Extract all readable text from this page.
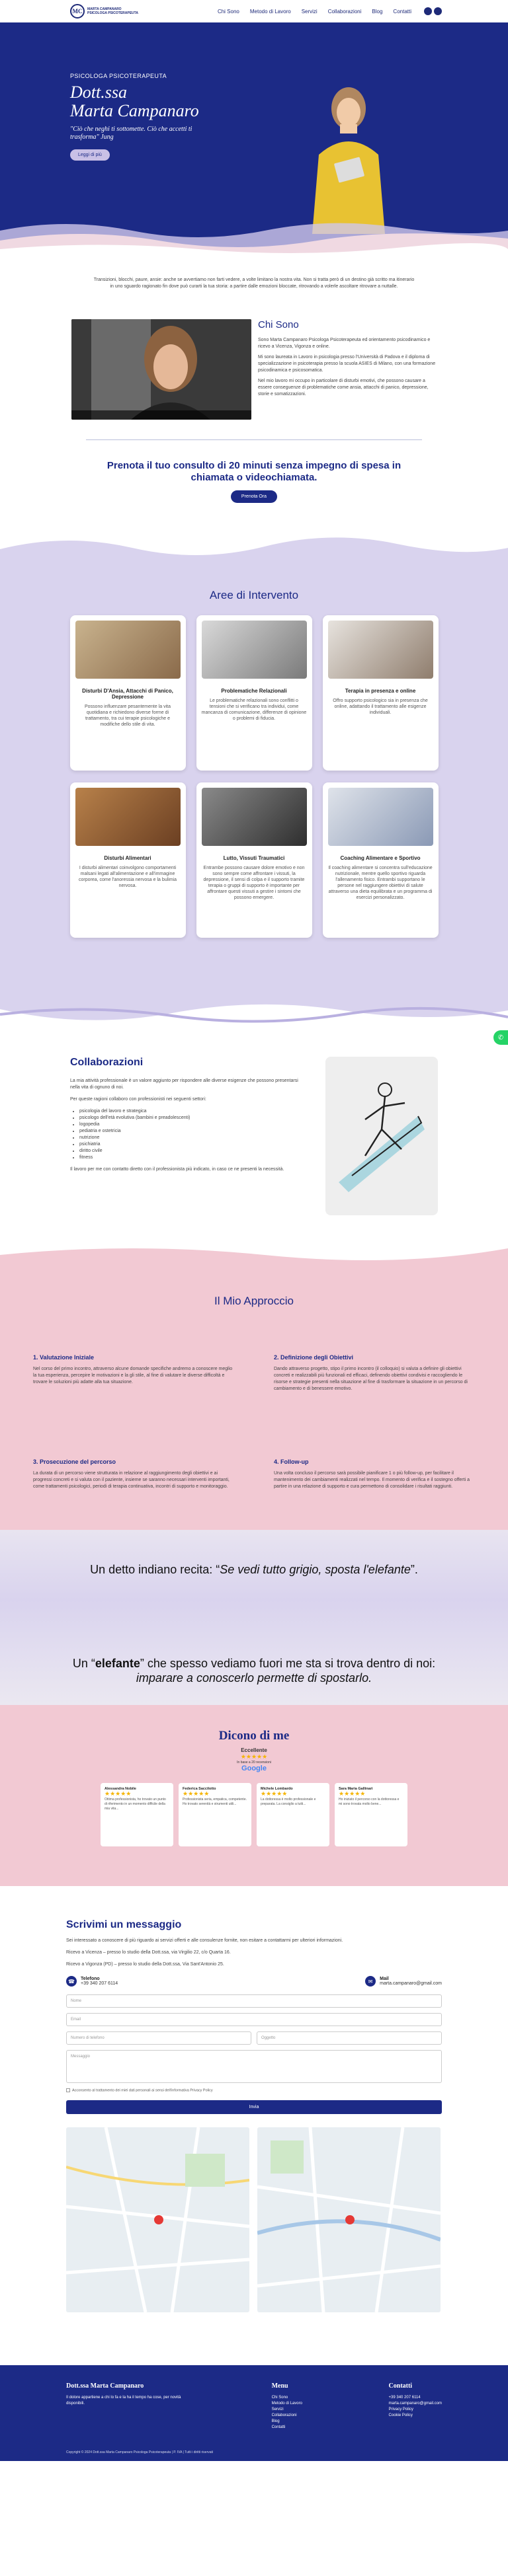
MC	MARTA CAMPANARO
PSICOLOGA PSICOTERAPEUTA	Chi Sono Metodo di Lavoro Servizi Collaborazioni Blog Contatti	f ◎
PSICOLOGA PSICOTERAPEUTA
Dott.ssa
Marta Campanaro
"Ciò che neghi ti sottomette. Ciò che accetti ti trasforma" Jung
Leggi di più
Transizioni, blocchi, paure, ansie: anche se avvertiamo non farti vedere, a volte limitano la nostra vita. Non si tratta però di un destino già scritto ma itinerario in uno sguardo ragionato fin dove può curarti la tua storia: a partire dalle emozioni bloccate, ritrovando a volerle ascoltare ritrovare a nuttalle.
Chi Sono
Sono Marta Campanaro Psicologa Psicoterapeuta ed orientamento psicodinamico e ricevo a Vicenza, Vigonza e online.
Mi sono laureata in Lavoro in psicologia presso l'Università di Padova e il diploma di specializzazione in psicoterapia presso la scuola ASIES di Milano, con una formazione psicodinamica e psicosomatica.
Nel mio lavoro mi occupo in particolare di disturbi emotivi, che possono causare a essere conseguenze di problematiche come ansia, attacchi di panico, depressione, storie e somatizzazioni.
Prenota il tuo consulto di 20 minuti senza impegno di spesa in
chiamata o videochiamata.
Prenota Ora
Aree di Intervento
Disturbi D'Ansia, Attacchi di Panico, Depressione

Possono influenzare pesantemente la vita quotidiana e richiedono diverse forme di trattamento, tra cui terapie psicologiche e modifiche dello stile di vita.

Problematiche Relazionali

Le problematiche relazionali sono conflitti o tensioni che si verificano tra individui, come mancanza di comunicazione, differenze di opinione o problemi di fiducia.

Terapia in presenza e online

Offro supporto psicologico sia in presenza che online, adattando il trattamento alle esigenze individuali.

Disturbi Alimentari

I disturbi alimentari coinvolgono comportamenti malsani legati all'alimentazione e all'immagine corporea, come l'anoressia nervosa e la bulimia nervosa.

Lutto, Vissuti Traumatici

Entrambe possono causare dolore emotivo e non sono sempre come affrontare i vissuti, la depressione, il sensi di colpa e il supporto tramite terapia o gruppi di supporto è importante per affrontare questi vissuti a gestire i sintomi che possono emergere.

Coaching Alimentare e Sportivo

Il coaching alimentare si concentra sull'educazione nutrizionale, mentre quello sportivo riguarda l'allenamento fisico. Entrambi supportano le persone nel raggiungere obiettivi di salute attraverso una dieta equilibrata e un programma di esercizi personalizzato.

Collaborazioni

La mia attività professionale è un valore aggiunto per rispondere alle diverse esigenze che possono presentarsi nella vita di ognuno di noi.

Per queste ragioni collaboro con professionisti nei seguenti settori:

• psicologia del lavoro e strategica
• psicologo dell'età evolutiva (bambini e preadolescenti)
• logopedia
• pediatria e ostetricia
• nutrizione
• psichiatria
• diritto civile
• fitness

Il lavoro per me con contatto diretto con il professionista più indicato, in caso ce ne presenti la necessità.

✆
Il Mio Approccio
1. Valutazione Iniziale

Nel corso del primo incontro, attraverso alcune domande specifiche andremo a conoscere meglio la tua esperienza, percepire le motivazioni e la gli stile, al fine di valutare le diverse difficoltà e trovare le soluzioni più adatte alla tua situazione.

2. Definizione degli Obiettivi

Dando attraverso progetto, stipo il primo incontro (il colloquio) si valuta a definire gli obiettivi concreti e realizzabili più funzionali ed efficaci, definendo obiettivi condivisi e raccogliendo le risorse e strategie presenti nella situazione al fine di trasformare la situazione in un percorso di cambiamento e di benessere emotivo.

3. Prosecuzione del percorso

La durata di un percorso viene strutturata in relazione al raggiungimento degli obiettivi e ai progressi concreti e si valuta con il paziente, insieme se saranno necessari interventi importanti, come trattamenti psicologici, periodi di terapia continuativa, incontri di supporto e monitoraggio.

4. Follow-up

Una volta concluso il percorso sarà possibile pianificare 1 o più follow-up, per facilitare il mantenimento dei cambiamenti realizzati nel tempo. Il momento di verifica e il sostegno offerti a partire in una relazione di supporto e cura permettono di consolidare i risultati raggiunti.

Un detto indiano recita: “Se vedi tutto grigio, sposta l'elefante”.
Un “elefante” che spesso vediamo fuori me sta si trova dentro di noi:
imparare a conoscerlo permette di spostarlo.
Dicono di me
Eccellente
★★★★★
In base a 20 recensioni
Google
Alessandra Nobile
★★★★★
Ottima professionista, ho trovato un punto di riferimento in un momento difficile della mia vita...
Federica Saccilotto
★★★★★
Professionista seria, empatica, competente. Ho trovato serenità e strumenti utili...
Michele Lombardo
★★★★★
La dottoressa è molto professionale e preparata. La consiglio a tutti...
Sara Maria Gallinari
★★★★★
Ho iniziato il percorso con la dottoressa e mi sono trovata molto bene...
Scrivimi un messaggio

Sei interessato a conoscere di più riguardo ai servizi offerti e alle consulenze fornite, non esitare a contattarmi per ulteriori informazioni.

Ricevo a Vicenza – presso lo studio della Dott.ssa, via Virgilio 22, c/o Quarta 16.

Ricevo a Vigonza (PD) – presso lo studio della Dott.ssa, Via Sant'Antonio 25.

☎	Telefono
+39 340 207 6114	✉	Mail
marta.campanaro@gmail.com
Nome
Email
Numero di telefono	Oggetto
Messaggio
Acconsento al trattamento dei miei dati personali ai sensi dell'informativa Privacy Policy
Invia
Dott.ssa Marta Campanaro
Il dolore appartiene a chi lo fa e la ha il tempo ha cose, per novità disponibili.
Menu
Chi Sono
Metodo di Lavoro
Servizi
Collaborazioni
Blog
Contatti
Contatti
+39 340 207 6114
marta.campanaro@gmail.com
Privacy Policy
Cookie Policy
Copyright © 2024 Dott.ssa Marta Campanaro Psicologa Psicoterapeuta | P. IVA | Tutti i diritti riservati
